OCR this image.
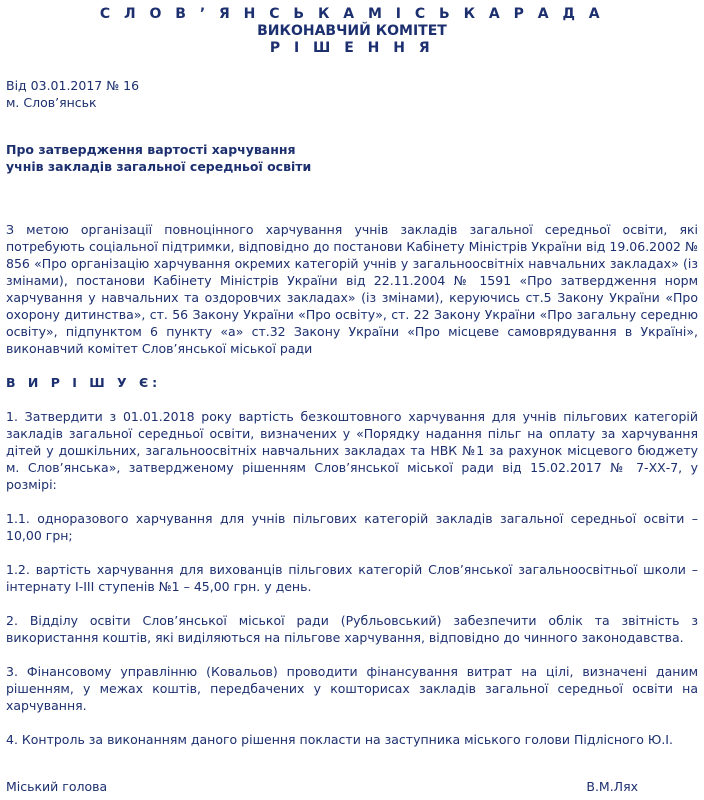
С Л О В ’ Я Н С Ь К А М І С Ь К А Р А Д А
ВИКОНАВЧИЙ КОМІТЕТ
Р І Ш Е Н Н Я
Від 03.01.2017 № 16
м. Слов’янськ
Про затвердження вартості харчування
учнів закладів загальної середньої освіти

З метою організації повноцінного харчування учнів закладів загальної середньої освіти, які потребують соціальної підтримки, відповідно до постанови Кабінету Міністрів України від 19.06.2002 № 856 «Про організацію харчування окремих категорій учнів у загальноосвітніх навчальних закладах» (із змінами), постанови Кабінету Міністрів України від 22.11.2004 № 1591 «Про затвердження норм харчування у навчальних та оздоровчих закладах» (із змінами), керуючись ст.5 Закону України «Про охорону дитинства», ст. 56 Закону України «Про освіту», ст. 22 Закону України «Про загальну середню освіту», підпунктом 6 пункту «а» ст.32 Закону України «Про місцеве самоврядування в Україні», виконавчий комітет Слов’янської міської ради

В И Р І Ш У Є:

1. Затвердити з 01.01.2018 року вартість безкоштовного харчування для учнів пільгових категорій закладів загальної середньої освіти, визначених у «Порядку надання пільг на оплату за харчування дітей у дошкільних, загальноосвітніх навчальних закладах та НВК №1 за рахунок місцевого бюджету м. Слов’янська», затвердженому рішенням Слов’янської міської ради від 15.02.2017 № 7-ХХ-7, у розмірі:

1.1. одноразового харчування для учнів пільгових категорій закладів загальної середньої освіти – 10,00 грн;

1.2. вартість харчування для вихованців пільгових категорій Слов’янської загальноосвітньої школи – інтернату І-ІІІ ступенів №1 – 45,00 грн. у день.

2. Відділу освіти Слов’янської міської ради (Рубльовський) забезпечити облік та звітність з використання коштів, які виділяються на пільгове харчування, відповідно до чинного законодавства.

3. Фінансовому управлінню (Ковальов) проводити фінансування витрат на цілі, визначені даним рішенням, у межах коштів, передбачених у кошторисах закладів загальної середньої освіти на харчування.

4. Контроль за виконанням даного рішення покласти на заступника міського голови Підлісного Ю.І.

Міський голова	В.М.Лях
